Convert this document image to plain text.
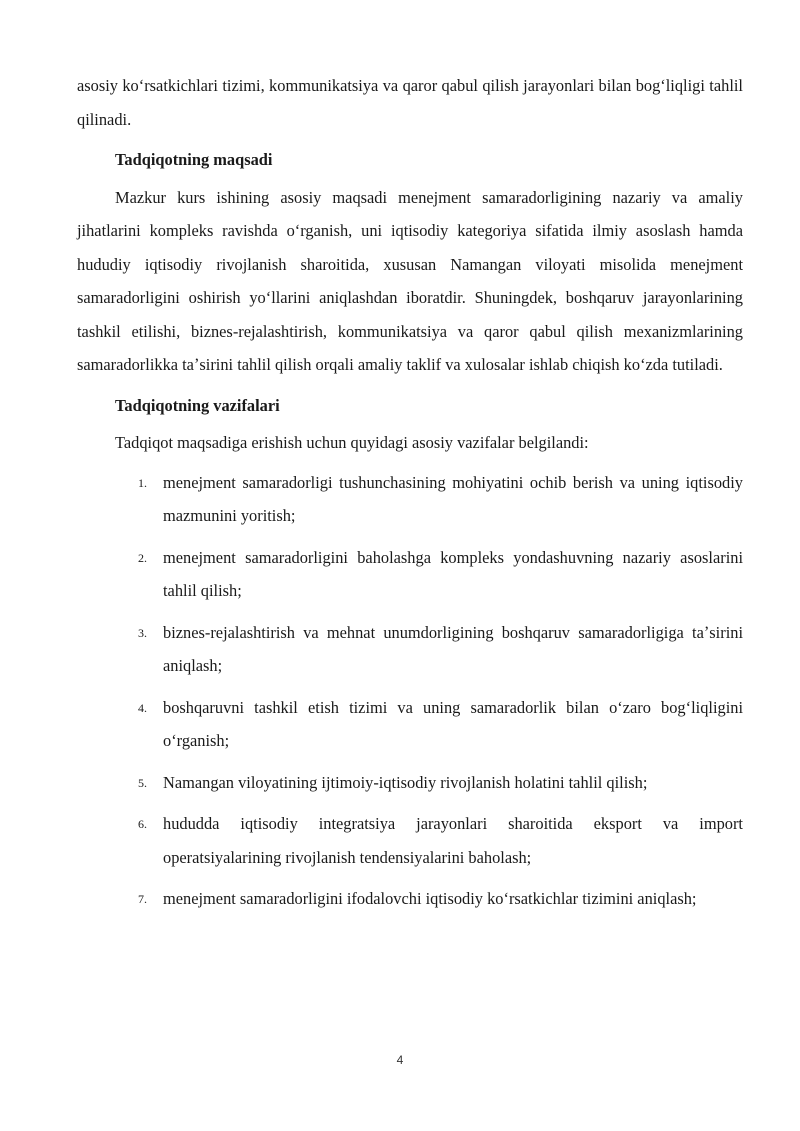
asosiy koʻrsatkichlari tizimi, kommunikatsiya va qaror qabul qilish jarayonlari bilan bogʻliqligi tahlil qilinadi.

Tadqiqotning maqsadi

Mazkur kurs ishining asosiy maqsadi menejment samaradorligining nazariy va amaliy jihatlarini kompleks ravishda oʻrganish, uni iqtisodiy kategoriya sifatida ilmiy asoslash hamda hududiy iqtisodiy rivojlanish sharoitida, xususan Namangan viloyati misolida menejment samaradorligini oshirish yoʻllarini aniqlashdan iboratdir. Shuningdek, boshqaruv jarayonlarining tashkil etilishi, biznes-rejalashtirish, kommunikatsiya va qaror qabul qilish mexanizmlarining samaradorlikka taʼsirini tahlil qilish orqali amaliy taklif va xulosalar ishlab chiqish koʻzda tutiladi.

Tadqiqotning vazifalari

Tadqiqot maqsadiga erishish uchun quyidagi asosiy vazifalar belgilandi:

1. menejment samaradorligi tushunchasining mohiyatini ochib berish va uning iqtisodiy mazmunini yoritish;
2. menejment samaradorligini baholashga kompleks yondashuvning nazariy asoslarini tahlil qilish;
3. biznes-rejalashtirish va mehnat unumdorligining boshqaruv samaradorligiga taʼsirini aniqlash;
4. boshqaruvni tashkil etish tizimi va uning samaradorlik bilan oʻzaro bogʻliqligini oʻrganish;
5. Namangan viloyatining ijtimoiy-iqtisodiy rivojlanish holatini tahlil qilish;
6. hududda iqtisodiy integratsiya jarayonlari sharoitida eksport va import operatsiyalarining rivojlanish tendensiyalarini baholash;
7. menejment samaradorligini ifodalovchi iqtisodiy koʻrsatkichlar tizimini aniqlash;
4
